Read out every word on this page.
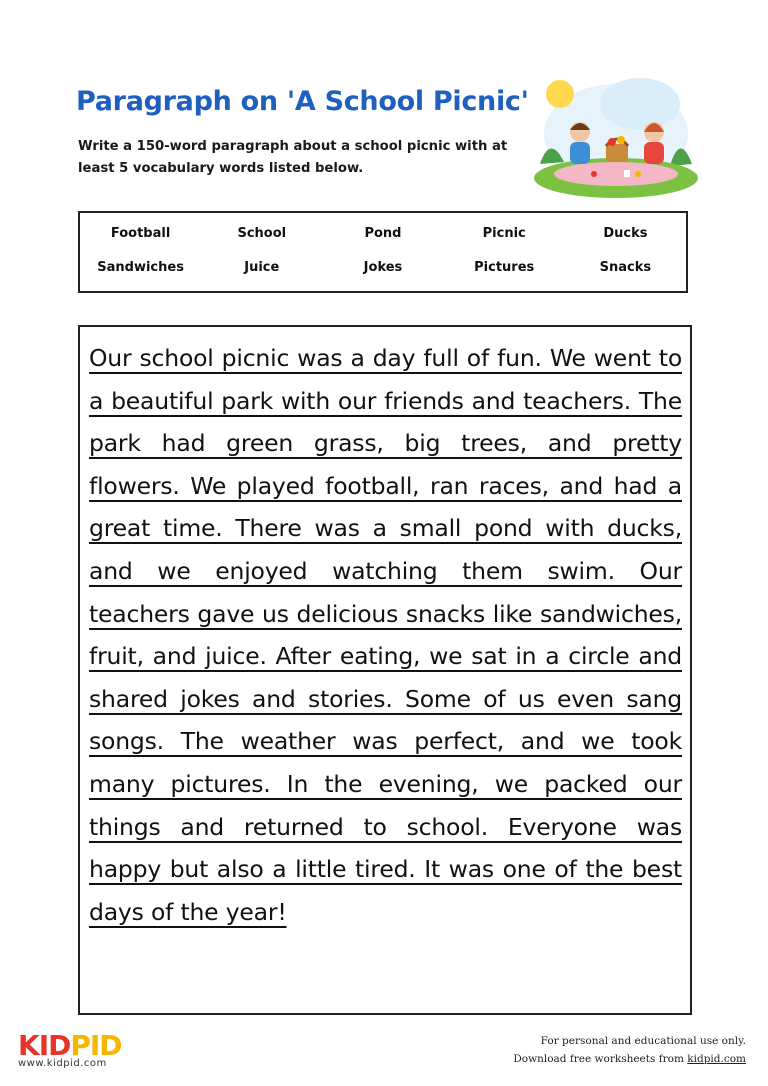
Paragraph on 'A School Picnic'

Write a 150-word paragraph about a school picnic with at least 5 vocabulary words listed below.

Football	School	Pond	Picnic	Ducks
Sandwiches	Juice	Jokes	Pictures	Snacks

Our school picnic was a day full of fun. We went to a beautiful park with our friends and teachers. The park had green grass, big trees, and pretty flowers. We played football, ran races, and had a great time. There was a small pond with ducks, and we enjoyed watching them swim. Our teachers gave us delicious snacks like sandwiches, fruit, and juice. After eating, we sat in a circle and shared jokes and stories. Some of us even sang songs. The weather was perfect, and we took many pictures. In the evening, we packed our things and returned to school. Everyone was happy but also a little tired. It was one of the best days of the year!

KIDPID
www.kidpid.com
For personal and educational use only.
Download free worksheets from kidpid.com
